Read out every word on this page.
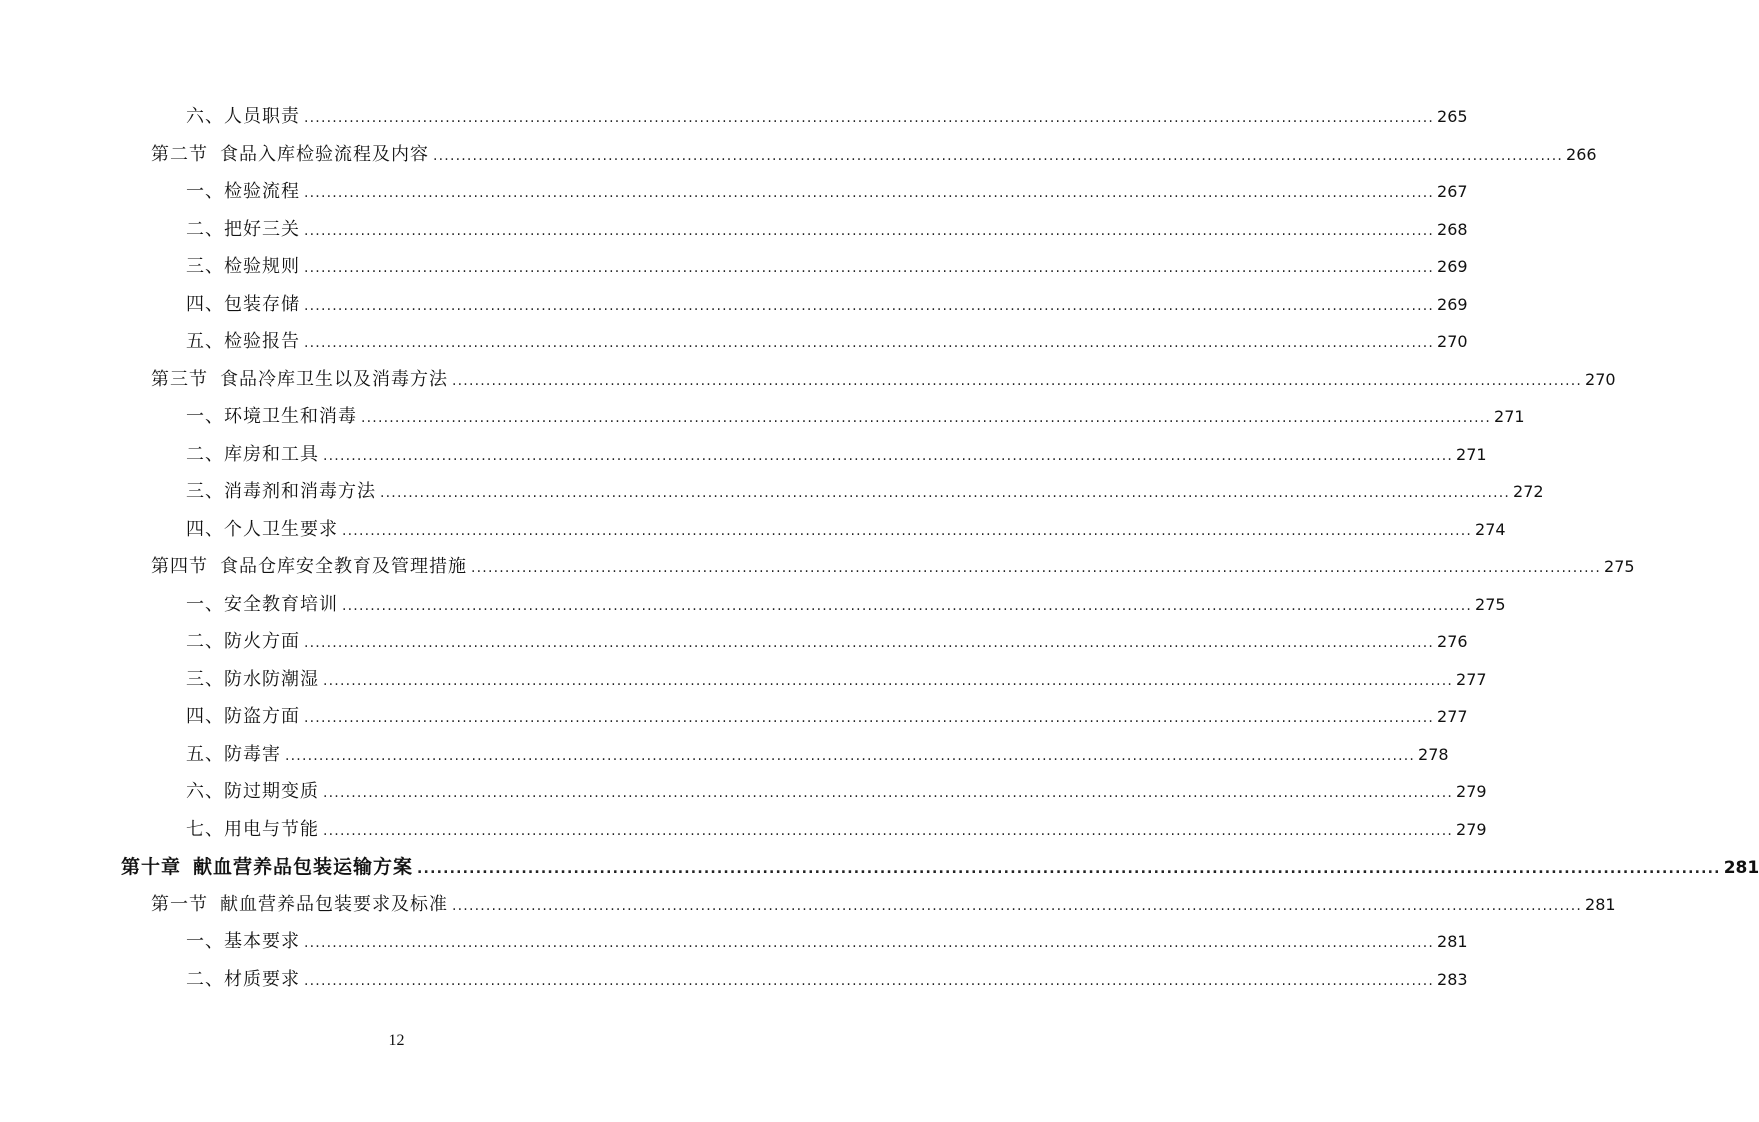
六、人员职责 ........................................................................................................................................................................................................ 265
第二节 食品入库检验流程及内容 ........................................................................................................................................................................................................ 266
一、检验流程 ........................................................................................................................................................................................................ 267
二、把好三关 ........................................................................................................................................................................................................ 268
三、检验规则 ........................................................................................................................................................................................................ 269
四、包装存储 ........................................................................................................................................................................................................ 269
五、检验报告 ........................................................................................................................................................................................................ 270
第三节 食品冷库卫生以及消毒方法 ........................................................................................................................................................................................................ 270
一、环境卫生和消毒 ........................................................................................................................................................................................................ 271
二、库房和工具 ........................................................................................................................................................................................................ 271
三、消毒剂和消毒方法 ........................................................................................................................................................................................................ 272
四、个人卫生要求 ........................................................................................................................................................................................................ 274
第四节 食品仓库安全教育及管理措施 ........................................................................................................................................................................................................ 275
一、安全教育培训 ........................................................................................................................................................................................................ 275
二、防火方面 ........................................................................................................................................................................................................ 276
三、防水防潮湿 ........................................................................................................................................................................................................ 277
四、防盗方面 ........................................................................................................................................................................................................ 277
五、防毒害 ........................................................................................................................................................................................................ 278
六、防过期变质 ........................................................................................................................................................................................................ 279
七、用电与节能 ........................................................................................................................................................................................................ 279
第十章 献血营养品包装运输方案 ........................................................................................................................................................................................................ 281
第一节 献血营养品包装要求及标准 ........................................................................................................................................................................................................ 281
一、基本要求 ........................................................................................................................................................................................................ 281
二、材质要求 ........................................................................................................................................................................................................ 283
12
